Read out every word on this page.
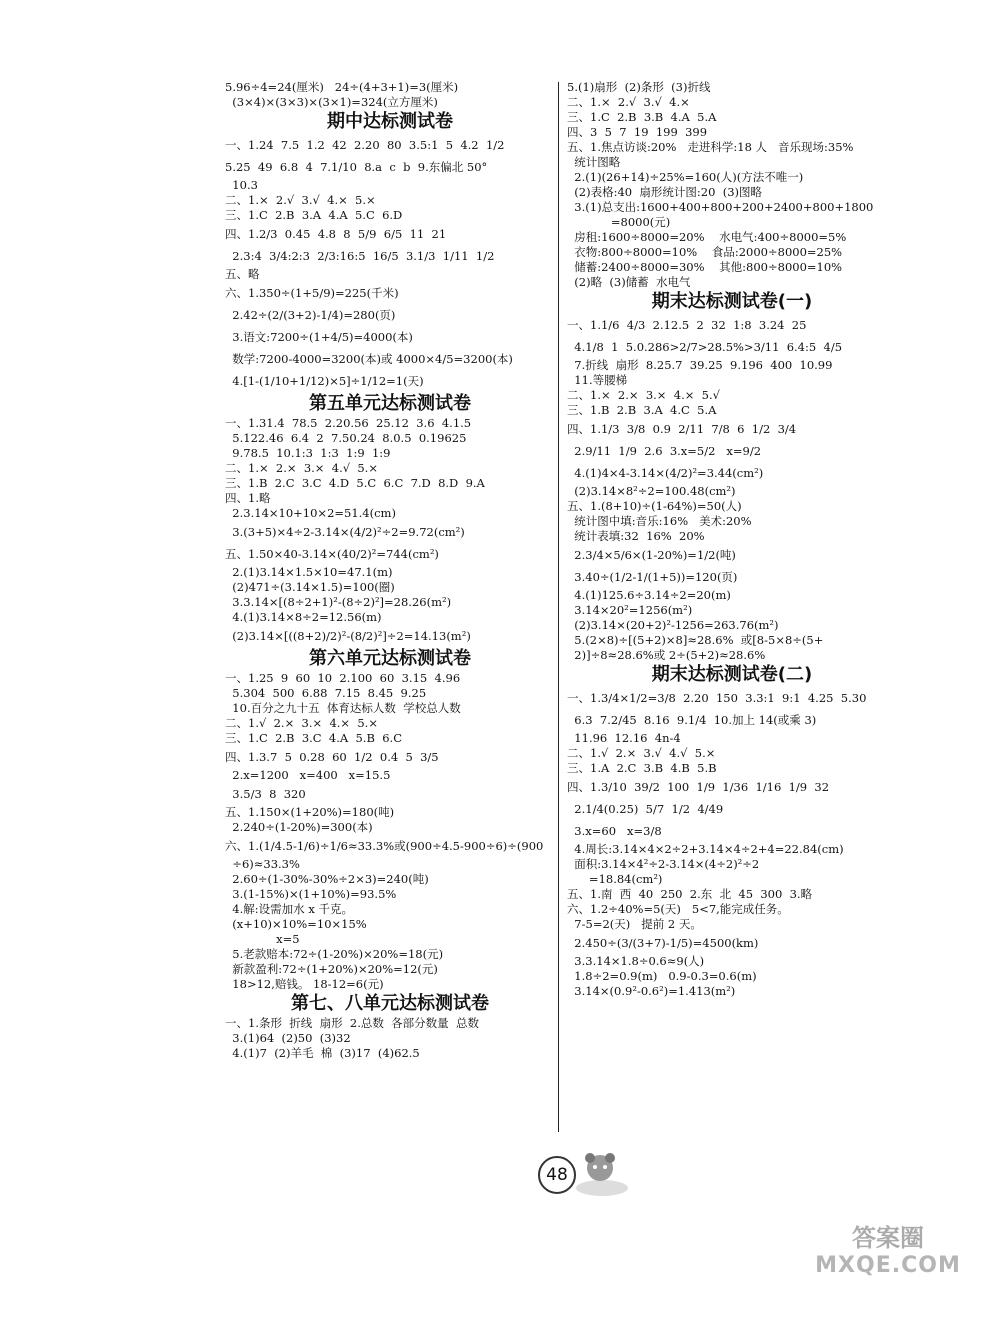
5.96÷4=24(厘米)   24÷(4+3+1)=3(厘米)
(3×4)×(3×3)×(3×1)=324(立方厘米)
期中达标测试卷
一、1.24  7.5  1.2  42  2.20  80  3.5:1  5  4.2  1/2
5.25  49  6.8  4  7.1/10  8.a  c  b  9.东偏北 50°
10.3
二、1.×  2.√  3.√  4.×  5.×
三、1.C  2.B  3.A  4.A  5.C  6.D
四、1.2/3  0.45  4.8  8  5/9  6/5  11  21
2.3:4  3/4:2:3  2/3:16:5  16/5  3.1/3  1/11  1/2
五、略
六、1.350÷(1+5/9)=225(千米)
2.42÷(2/(3+2)-1/4)=280(页)
3.语文:7200÷(1+4/5)=4000(本)
数学:7200-4000=3200(本)或 4000×4/5=3200(本)
4.[1-(1/10+1/12)×5]÷1/12=1(天)
第五单元达标测试卷
一、1.31.4  78.5  2.20.56  25.12  3.6  4.1.5
5.122.46  6.4  2  7.50.24  8.0.5  0.19625
9.78.5  10.1:3  1:3  1:9  1:9
二、1.×  2.×  3.×  4.√  5.×
三、1.B  2.C  3.C  4.D  5.C  6.C  7.D  8.D  9.A
四、1.略
2.3.14×10+10×2=51.4(cm)
3.(3+5)×4÷2-3.14×(4/2)²÷2=9.72(cm²)
五、1.50×40-3.14×(40/2)²=744(cm²)
2.(1)3.14×1.5×10=47.1(m)
(2)471÷(3.14×1.5)=100(圈)
3.3.14×[(8÷2+1)²-(8÷2)²]=28.26(m²)
4.(1)3.14×8÷2=12.56(m)
(2)3.14×[((8+2)/2)²-(8/2)²]÷2=14.13(m²)
第六单元达标测试卷
一、1.25  9  60  10  2.100  60  3.15  4.96
5.304  500  6.88  7.15  8.45  9.25
10.百分之九十五  体育达标人数  学校总人数
二、1.√  2.×  3.×  4.×  5.×
三、1.C  2.B  3.C  4.A  5.B  6.C
四、1.3.7  5  0.28  60  1/2  0.4  5  3/5
2.x=1200   x=400   x=15.5
3.5/3  8  320
五、1.150×(1+20%)=180(吨)
2.240÷(1-20%)=300(本)
六、1.(1/4.5-1/6)÷1/6≈33.3%或(900÷4.5-900÷6)÷(900
÷6)≈33.3%
2.60÷(1-30%-30%÷2×3)=240(吨)
3.(1-15%)×(1+10%)=93.5%
4.解:设需加水 x 千克。
(x+10)×10%=10×15%
x=5
5.老款赔本:72÷(1-20%)×20%=18(元)
新款盈利:72÷(1+20%)×20%=12(元)
18>12,赔钱。 18-12=6(元)
第七、八单元达标测试卷
一、1.条形  折线  扇形  2.总数  各部分数量  总数
3.(1)64  (2)50  (3)32
4.(1)7  (2)羊毛  棉  (3)17  (4)62.5
5.(1)扇形  (2)条形  (3)折线
二、1.×  2.√  3.√  4.×
三、1.C  2.B  3.B  4.A  5.A
四、3  5  7  19  199  399
五、1.焦点访谈:20%   走进科学:18 人   音乐现场:35%
统计图略
2.(1)(26+14)÷25%=160(人)(方法不唯一)
(2)表格:40  扇形统计图:20  (3)图略
3.(1)总支出:1600+400+800+200+2400+800+1800
=8000(元)
房租:1600÷8000=20%    水电气:400÷8000=5%
衣物:800÷8000=10%    食品:2000÷8000=25%
储蓄:2400÷8000=30%    其他:800÷8000=10%
(2)略  (3)储蓄  水电气
期末达标测试卷(一)
一、1.1/6  4/3  2.12.5  2  32  1:8  3.24  25
4.1/8  1  5.0.286>2/7>28.5%>3/11  6.4:5  4/5
7.折线  扇形  8.25.7  39.25  9.196  400  10.99
11.等腰梯
二、1.×  2.×  3.×  4.×  5.√
三、1.B  2.B  3.A  4.C  5.A
四、1.1/3  3/8  0.9  2/11  7/8  6  1/2  3/4
2.9/11  1/9  2.6  3.x=5/2   x=9/2
4.(1)4×4-3.14×(4/2)²=3.44(cm²)
(2)3.14×8²÷2=100.48(cm²)
五、1.(8+10)÷(1-64%)=50(人)
统计图中填:音乐:16%   美术:20%
统计表填:32  16%  20%
2.3/4×5/6×(1-20%)=1/2(吨)
3.40÷(1/2-1/(1+5))=120(页)
4.(1)125.6÷3.14÷2=20(m)
3.14×20²=1256(m²)
(2)3.14×(20+2)²-1256=263.76(m²)
5.(2×8)÷[(5+2)×8]≈28.6%  或[8-5×8÷(5+
2)]÷8≈28.6%或 2÷(5+2)≈28.6%
期末达标测试卷(二)
一、1.3/4×1/2=3/8  2.20  150  3.3:1  9:1  4.25  5.30
6.3  7.2/45  8.16  9.1/4  10.加上 14(或乘 3)
11.96  12.16  4n-4
二、1.√  2.×  3.√  4.√  5.×
三、1.A  2.C  3.B  4.B  5.B
四、1.3/10  39/2  100  1/9  1/36  1/16  1/9  32
2.1/4(0.25)  5/7  1/2  4/49
3.x=60   x=3/8
4.周长:3.14×4×2÷2+3.14×4÷2+4=22.84(cm)
面积:3.14×4²÷2-3.14×(4÷2)²÷2
=18.84(cm²)
五、1.南  西  40  250  2.东  北  45  300  3.略
六、1.2÷40%=5(天)   5<7,能完成任务。
7-5=2(天)   提前 2 天。
2.450÷(3/(3+7)-1/5)=4500(km)
3.3.14×1.8÷0.6≈9(人)
1.8÷2=0.9(m)   0.9-0.3=0.6(m)
3.14×(0.9²-0.6²)=1.413(m²)
48
答案圈
MXQE.COM
